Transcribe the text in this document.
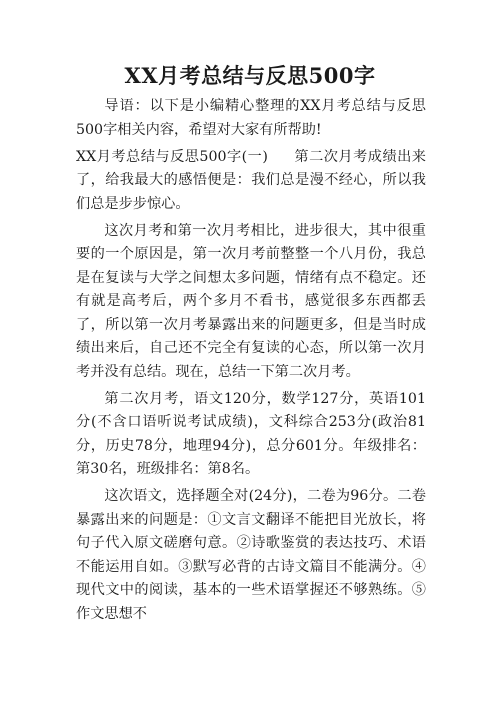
XX月考总结与反思500字

导语：以下是小编精心整理的XX月考总结与反思500字相关内容，希望对大家有所帮助!

XX月考总结与反思500字(一) 第二次月考成绩出来了，给我最大的感悟便是：我们总是漫不经心，所以我们总是步步惊心。

这次月考和第一次月考相比，进步很大，其中很重要的一个原因是，第一次月考前整整一个八月份，我总是在复读与大学之间想太多问题，情绪有点不稳定。还有就是高考后，两个多月不看书，感觉很多东西都丢了，所以第一次月考暴露出来的问题更多，但是当时成绩出来后，自己还不完全有复读的心态，所以第一次月考并没有总结。现在，总结一下第二次月考。

第二次月考，语文120分，数学127分，英语101分(不含口语听说考试成绩)，文科综合253分(政治81分，历史78分，地理94分)，总分601分。年级排名：第30名，班级排名：第8名。

这次语文，选择题全对(24分)，二卷为96分。二卷暴露出来的问题是：①文言文翻译不能把目光放长，将句子代入原文磋磨句意。②诗歌鉴赏的表达技巧、术语不能运用自如。③默写必背的古诗文篇目不能满分。④现代文中的阅读，基本的一些术语掌握还不够熟练。⑤作文思想不
